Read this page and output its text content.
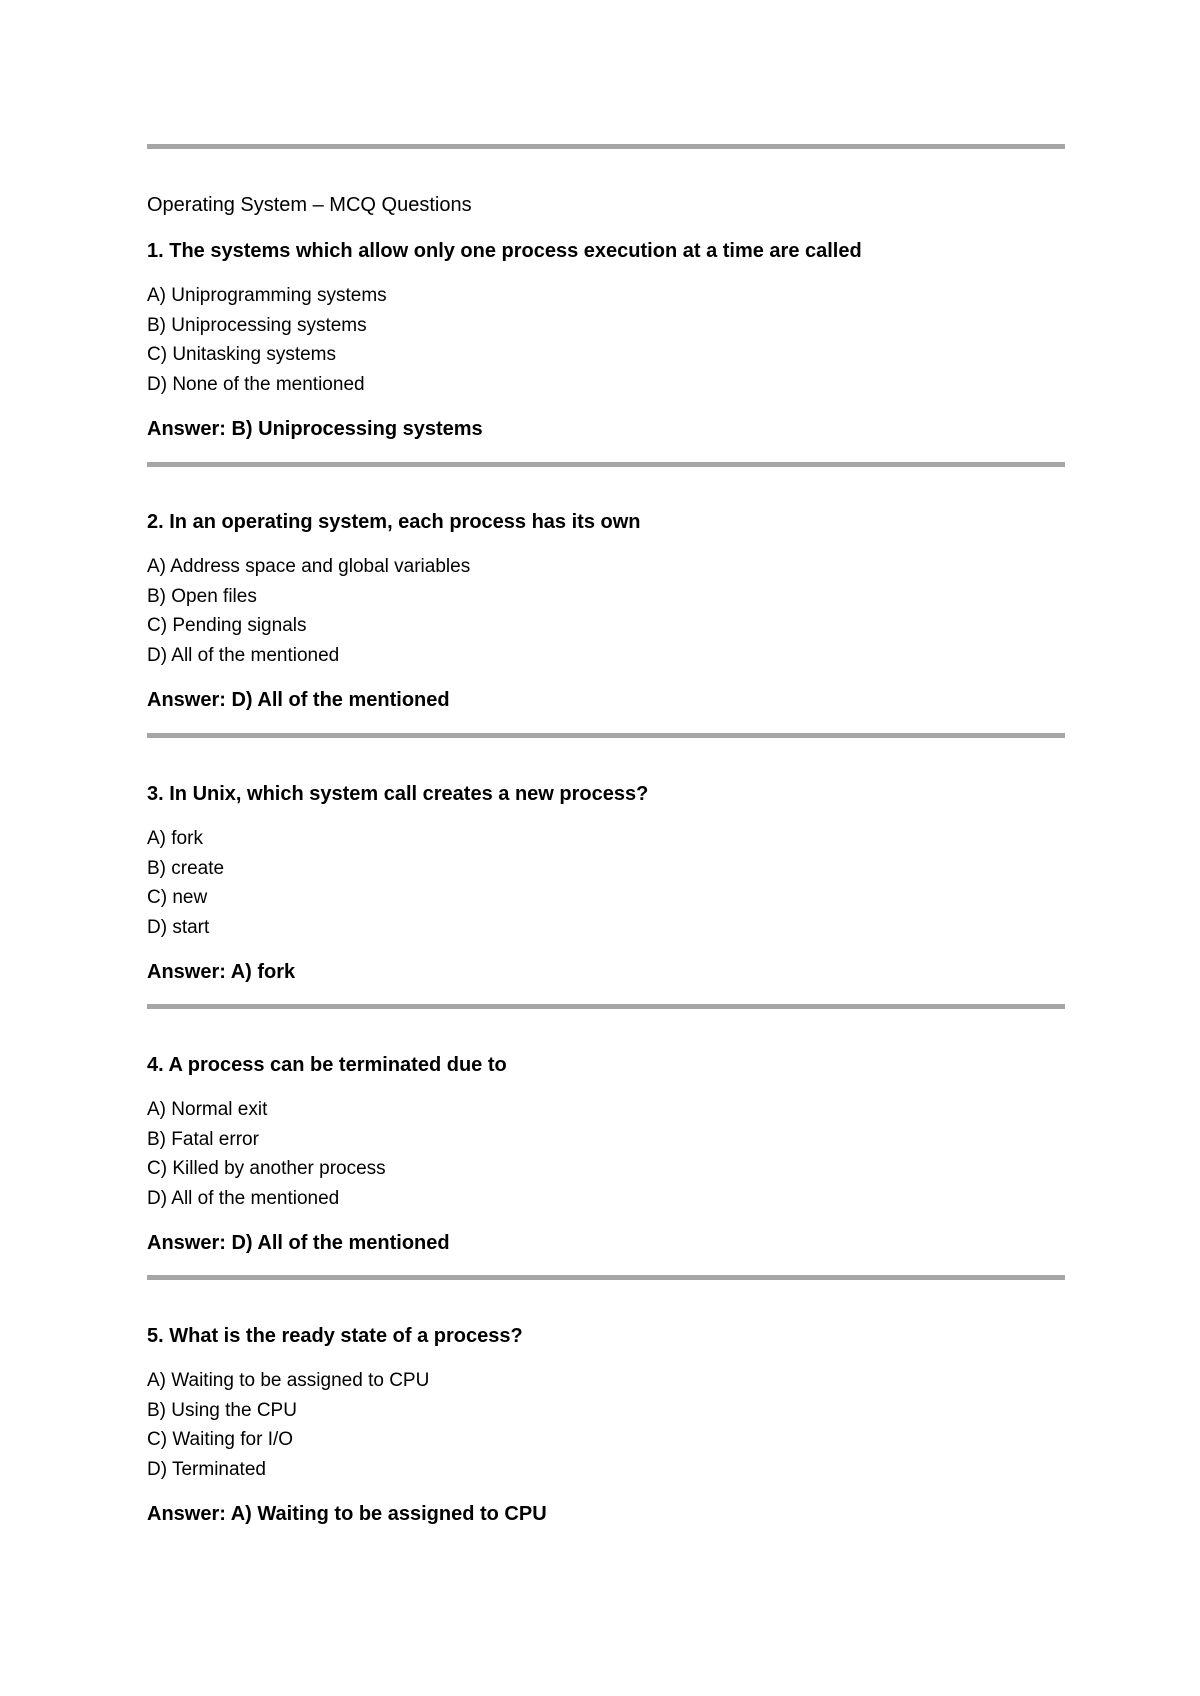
Operating System – MCQ Questions

1. The systems which allow only one process execution at a time are called

A) Uniprogramming systems
B) Uniprocessing systems
C) Unitasking systems
D) None of the mentioned

Answer: B) Uniprocessing systems

2. In an operating system, each process has its own

A) Address space and global variables
B) Open files
C) Pending signals
D) All of the mentioned

Answer: D) All of the mentioned

3. In Unix, which system call creates a new process?

A) fork
B) create
C) new
D) start

Answer: A) fork

4. A process can be terminated due to

A) Normal exit
B) Fatal error
C) Killed by another process
D) All of the mentioned

Answer: D) All of the mentioned

5. What is the ready state of a process?

A) Waiting to be assigned to CPU
B) Using the CPU
C) Waiting for I/O
D) Terminated

Answer: A) Waiting to be assigned to CPU
